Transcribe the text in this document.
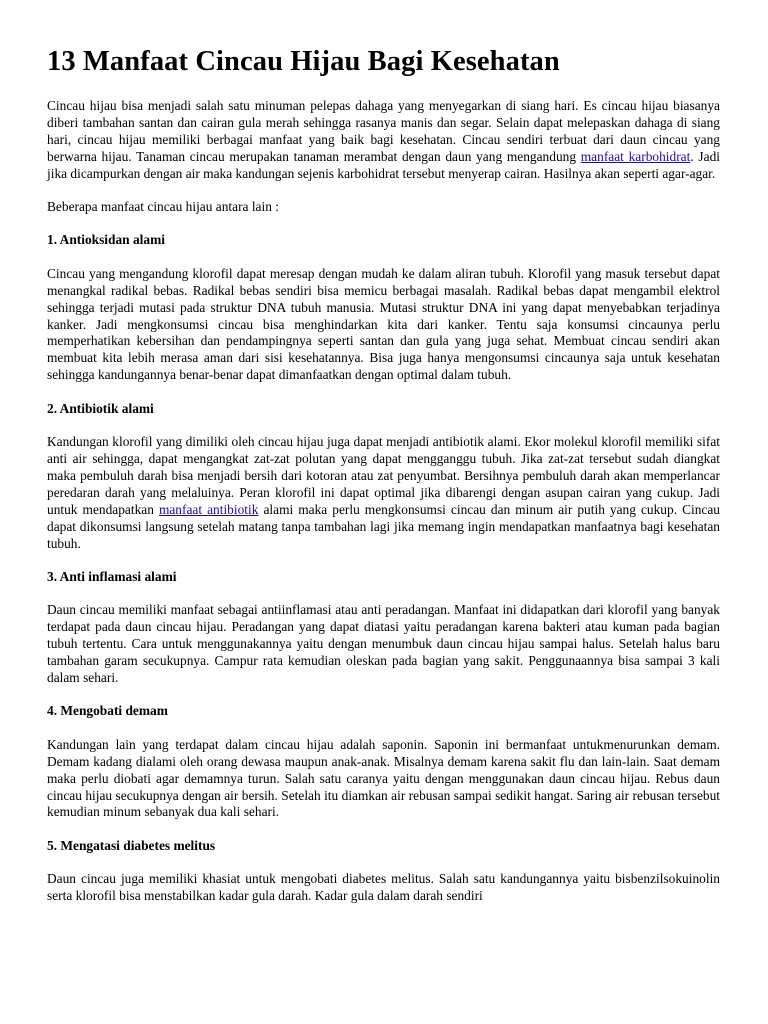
13 Manfaat Cincau Hijau Bagi Kesehatan

Cincau hijau bisa menjadi salah satu minuman pelepas dahaga yang menyegarkan di siang hari. Es cincau hijau biasanya diberi tambahan santan dan cairan gula merah sehingga rasanya manis dan segar. Selain dapat melepaskan dahaga di siang hari, cincau hijau memiliki berbagai manfaat yang baik bagi kesehatan. Cincau sendiri terbuat dari daun cincau yang berwarna hijau. Tanaman cincau merupakan tanaman merambat dengan daun yang mengandung manfaat karbohidrat. Jadi jika dicampurkan dengan air maka kandungan sejenis karbohidrat tersebut menyerap cairan. Hasilnya akan seperti agar-agar.

Beberapa manfaat cincau hijau antara lain :

1. Antioksidan alami

Cincau yang mengandung klorofil dapat meresap dengan mudah ke dalam aliran tubuh. Klorofil yang masuk tersebut dapat menangkal radikal bebas. Radikal bebas sendiri bisa memicu berbagai masalah. Radikal bebas dapat mengambil elektrol sehingga terjadi mutasi pada struktur DNA tubuh manusia. Mutasi struktur DNA ini yang dapat menyebabkan terjadinya kanker. Jadi mengkonsumsi cincau bisa menghindarkan kita dari kanker. Tentu saja konsumsi cincaunya perlu memperhatikan kebersihan dan pendampingnya seperti santan dan gula yang juga sehat. Membuat cincau sendiri akan membuat kita lebih merasa aman dari sisi kesehatannya. Bisa juga hanya mengonsumsi cincaunya saja untuk kesehatan sehingga kandungannya benar-benar dapat dimanfaatkan dengan optimal dalam tubuh.

2. Antibiotik alami

Kandungan klorofil yang dimiliki oleh cincau hijau juga dapat menjadi antibiotik alami. Ekor molekul klorofil memiliki sifat anti air sehingga, dapat mengangkat zat-zat polutan yang dapat mengganggu tubuh. Jika zat-zat tersebut sudah diangkat maka pembuluh darah bisa menjadi bersih dari kotoran atau zat penyumbat. Bersihnya pembuluh darah akan memperlancar peredaran darah yang melaluinya. Peran klorofil ini dapat optimal jika dibarengi dengan asupan cairan yang cukup. Jadi untuk mendapatkan manfaat antibiotik alami maka perlu mengkonsumsi cincau dan minum air putih yang cukup. Cincau dapat dikonsumsi langsung setelah matang tanpa tambahan lagi jika memang ingin mendapatkan manfaatnya bagi kesehatan tubuh.

3. Anti inflamasi alami

Daun cincau memiliki manfaat sebagai antiinflamasi atau anti peradangan. Manfaat ini didapatkan dari klorofil yang banyak terdapat pada daun cincau hijau. Peradangan yang dapat diatasi yaitu peradangan karena bakteri atau kuman pada bagian tubuh tertentu. Cara untuk menggunakannya yaitu dengan menumbuk daun cincau hijau sampai halus. Setelah halus baru tambahan garam secukupnya. Campur rata kemudian oleskan pada bagian yang sakit. Penggunaannya bisa sampai 3 kali dalam sehari.

4. Mengobati demam

Kandungan lain yang terdapat dalam cincau hijau adalah saponin. Saponin ini bermanfaat untukmenurunkan demam. Demam kadang dialami oleh orang dewasa maupun anak-anak. Misalnya demam karena sakit flu dan lain-lain. Saat demam maka perlu diobati agar demamnya turun. Salah satu caranya yaitu dengan menggunakan daun cincau hijau. Rebus daun cincau hijau secukupnya dengan air bersih. Setelah itu diamkan air rebusan sampai sedikit hangat. Saring air rebusan tersebut kemudian minum sebanyak dua kali sehari.

5. Mengatasi diabetes melitus

Daun cincau juga memiliki khasiat untuk mengobati diabetes melitus. Salah satu kandungannya yaitu bisbenzilsokuinolin serta klorofil bisa menstabilkan kadar gula darah. Kadar gula dalam darah sendiri
